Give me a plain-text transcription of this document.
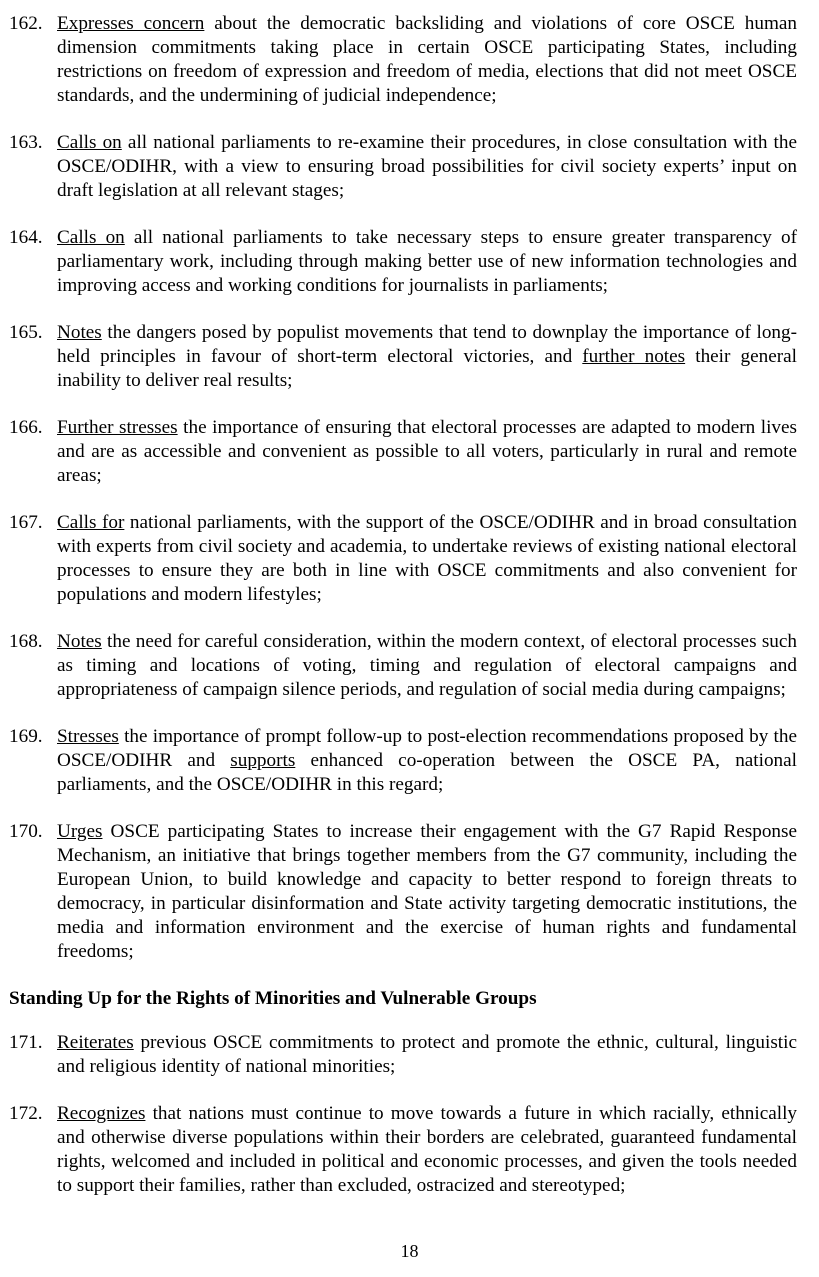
162. Expresses concern about the democratic backsliding and violations of core OSCE human dimension commitments taking place in certain OSCE participating States, including restrictions on freedom of expression and freedom of media, elections that did not meet OSCE standards, and the undermining of judicial independence;

163. Calls on all national parliaments to re-examine their procedures, in close consultation with the OSCE/ODIHR, with a view to ensuring broad possibilities for civil society experts’ input on draft legislation at all relevant stages;

164. Calls on all national parliaments to take necessary steps to ensure greater transparency of parliamentary work, including through making better use of new information technologies and improving access and working conditions for journalists in parliaments;

165. Notes the dangers posed by populist movements that tend to downplay the importance of long-held principles in favour of short-term electoral victories, and further notes their general inability to deliver real results;

166. Further stresses the importance of ensuring that electoral processes are adapted to modern lives and are as accessible and convenient as possible to all voters, particularly in rural and remote areas;

167. Calls for national parliaments, with the support of the OSCE/ODIHR and in broad consultation with experts from civil society and academia, to undertake reviews of existing national electoral processes to ensure they are both in line with OSCE commitments and also convenient for populations and modern lifestyles;

168. Notes the need for careful consideration, within the modern context, of electoral processes such as timing and locations of voting, timing and regulation of electoral campaigns and appropriateness of campaign silence periods, and regulation of social media during campaigns;

169. Stresses the importance of prompt follow-up to post-election recommendations proposed by the OSCE/ODIHR and supports enhanced co-operation between the OSCE PA, national parliaments, and the OSCE/ODIHR in this regard;

170. Urges OSCE participating States to increase their engagement with the G7 Rapid Response Mechanism, an initiative that brings together members from the G7 community, including the European Union, to build knowledge and capacity to better respond to foreign threats to democracy, in particular disinformation and State activity targeting democratic institutions, the media and information environment and the exercise of human rights and fundamental freedoms;

Standing Up for the Rights of Minorities and Vulnerable Groups

171. Reiterates previous OSCE commitments to protect and promote the ethnic, cultural, linguistic and religious identity of national minorities;

172. Recognizes that nations must continue to move towards a future in which racially, ethnically and otherwise diverse populations within their borders are celebrated, guaranteed fundamental rights, welcomed and included in political and economic processes, and given the tools needed to support their families, rather than excluded, ostracized and stereotyped;

18
